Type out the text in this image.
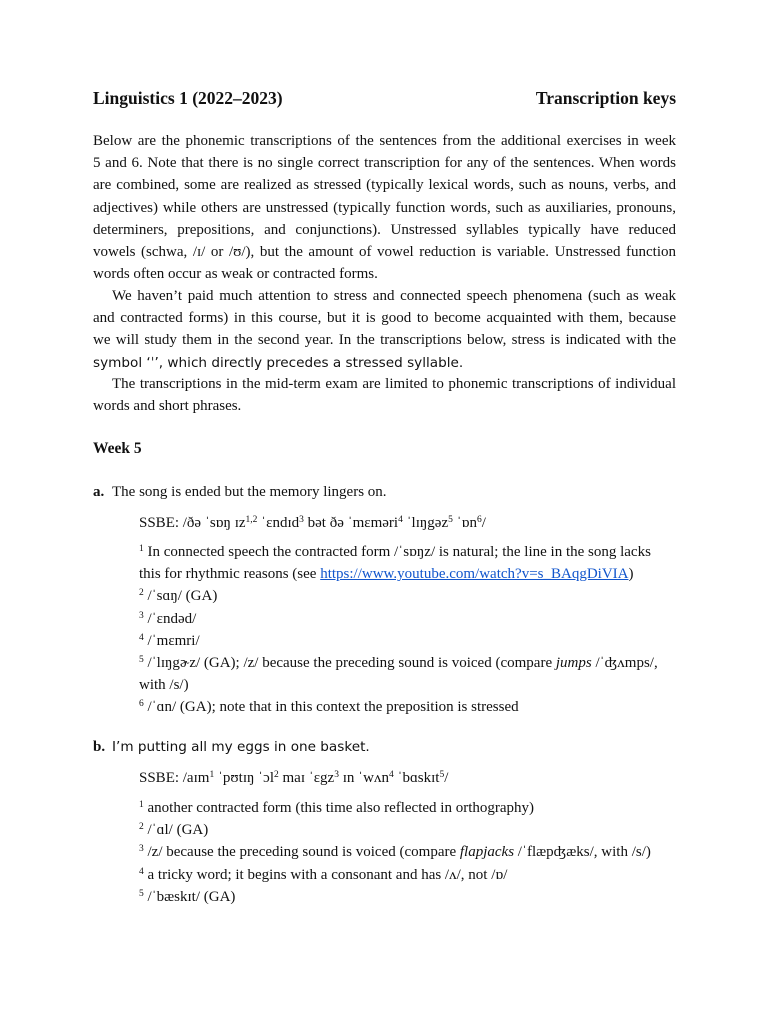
Linguistics 1 (2022–2023)	Transcription keys
Below are the phonemic transcriptions of the sentences from the additional exercises in week
5 and 6. Note that there is no single correct transcription for any of the sentences. When words
are combined, some are realized as stressed (typically lexical words, such as nouns, verbs, and
adjectives) while others are unstressed (typically function words, such as auxiliaries, pronouns,
determiners, prepositions, and conjunctions). Unstressed syllables typically have reduced
vowels (schwa, /ɪ/ or /ʊ/), but the amount of vowel reduction is variable. Unstressed function
words often occur as weak or contracted forms.
We haven’t paid much attention to stress and connected speech phenomena (such as weak
and contracted forms) in this course, but it is good to become acquainted with them, because
we will study them in the second year. In the transcriptions below, stress is indicated with the
symbol ‘ˈ’, which directly precedes a stressed syllable.
The transcriptions in the mid-term exam are limited to phonemic transcriptions of individual
words and short phrases.
Week 5
a. The song is ended but the memory lingers on.
SSBE: /ðə ˈsɒŋ ɪz$^{1,2}$ ˈɛndɪd$^3$ bət ðə ˈmɛməri$^4$ ˈlɪŋgəz$^5$ ˈɒn$^6$/
$^1$ In connected speech the contracted form /ˈsɒŋz/ is natural; the line in the song lacks
this for rhythmic reasons (see https://www.youtube.com/watch?v=s_BAqgDiVIA)
$^2$ /ˈsɑŋ/ (GA)
$^3$ /ˈɛndəd/
$^4$ /ˈmɛmri/
$^5$ /ˈlɪŋgɚz/ (GA); /z/ because the preceding sound is voiced (compare jumps /ˈʤʌmps/,
with /s/)
$^6$ /ˈɑn/ (GA); note that in this context the preposition is stressed
b. I’m putting all my eggs in one basket.
SSBE: /aɪm$^1$ ˈpʊtɪŋ ˈɔl$^2$ maɪ ˈɛgz$^3$ ɪn ˈwʌn$^4$ ˈbɑskɪt$^5$/
$^1$ another contracted form (this time also reflected in orthography)
$^2$ /ˈɑl/ (GA)
$^3$ /z/ because the preceding sound is voiced (compare flapjacks /ˈflæpʤæks/, with /s/)
$^4$ a tricky word; it begins with a consonant and has /ʌ/, not /ɒ/
$^5$ /ˈbæskɪt/ (GA)
